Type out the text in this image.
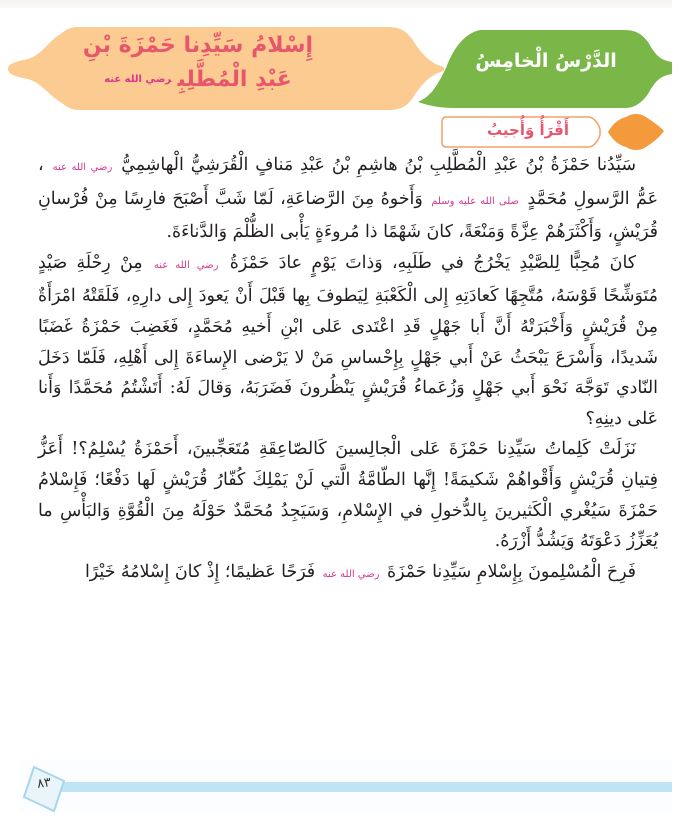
إِسْلامُ سَيِّدِنا حَمْزَةَ بْنِ
عَبْدِ الْمُطَّلِبِرضي الله عنه
الدَّرْسُ الْخامِسُ
أَقْرَأُ وَأُجيبُ

سَيِّدُنا حَمْزَةُ بْنُ عَبْدِ الْمُطَّلِبِ بْنُ هاشِمِ بْنُ عَبْدِ مَنافٍ الْقُرَشِيُّ الْهاشِمِيُّ رضي الله عنه ، عَمُّ الرَّسولِ مُحَمَّدٍ صلى الله عليه وسلم وَأَخوهُ مِنَ الرَّضاعَةِ، لَمّا شَبَّ أَصْبَحَ فارِسًا مِنْ فُرْسانِ قُرَيْشٍ، وَأَكْثَرَهُمْ عِزَّةً وَمَنْعَةً، كانَ شَهْمًا ذا مُروءَةٍ يَأْبى الظُّلْمَ وَالدَّناءَةَ.

كانَ مُحِبًّا لِلصَّيْدِ يَخْرُجُ في طَلَبِهِ، وَذاتَ يَوْمٍ عادَ حَمْزَةُ رضي الله عنه مِنْ رِحْلَةِ صَيْدٍ مُتَوَشِّحًا قَوْسَهُ، مُتَّجِهًا كَعادَتِهِ إِلى الْكَعْبَةِ لِيَطوفَ بِها قَبْلَ أَنْ يَعودَ إِلى دارِهِ، فَلَقَتْهُ امْرَأَةٌ مِنْ قُرَيْشٍ وَأَخْبَرَتْهُ أَنَّ أَبا جَهْلٍ قَدِ اعْتَدى عَلى ابْنِ أَخيهِ مُحَمَّدٍ، فَغَضِبَ حَمْزَةُ غَضَبًا شَديدًا، وَأَسْرَعَ يَبْحَثُ عَنْ أَبي جَهْلٍ بِإِحْساسِ مَنْ لا يَرْضى الإِساءَةَ إِلى أَهْلِهِ، فَلَمّا دَخَلَ النّادي تَوَجَّهَ نَحْوَ أَبي جَهْلٍ وَزُعَماءُ قُرَيْشٍ يَنْظُرونَ فَضَرَبَهُ، وَقالَ لَهُ: أَتَشْتُمُ مُحَمَّدًا وَأَنا عَلى دينِهِ؟

نَزَلَتْ كَلِماتُ سَيِّدِنا حَمْزَةَ عَلى الْجالِسينَ كَالصّاعِقَةِ مُتَعَجِّبينَ، أَحَمْزَةُ يُسْلِمُ؟! أَعَزُّ فِتيانِ قُرَيْشٍ وَأَقْواهُمْ شَكيمَةً! إِنَّها الطّامَّةُ الَّتي لَنْ يَمْلِكَ كُفّارُ قُرَيْشٍ لَها دَفْعًا؛ فَإِسْلامُ حَمْزَةَ سَيُغْري الْكَثيرينَ بِالدُّخولِ في الإِسْلامِ، وَسَيَجِدُ مُحَمَّدٌ حَوْلَهُ مِنَ الْقُوَّةِ وَالبَأْسِ ما يُعَزِّزُ دَعْوَتَهُ وَيَشُدُّ أَزْرَهُ.

فَرِحَ الْمُسْلِمونَ بِإِسْلامِ سَيِّدِنا حَمْزَةَ رضي الله عنه فَرَحًا عَظيمًا؛ إِذْ كانَ إِسْلامُهُ خَيْرًا

٨٣
